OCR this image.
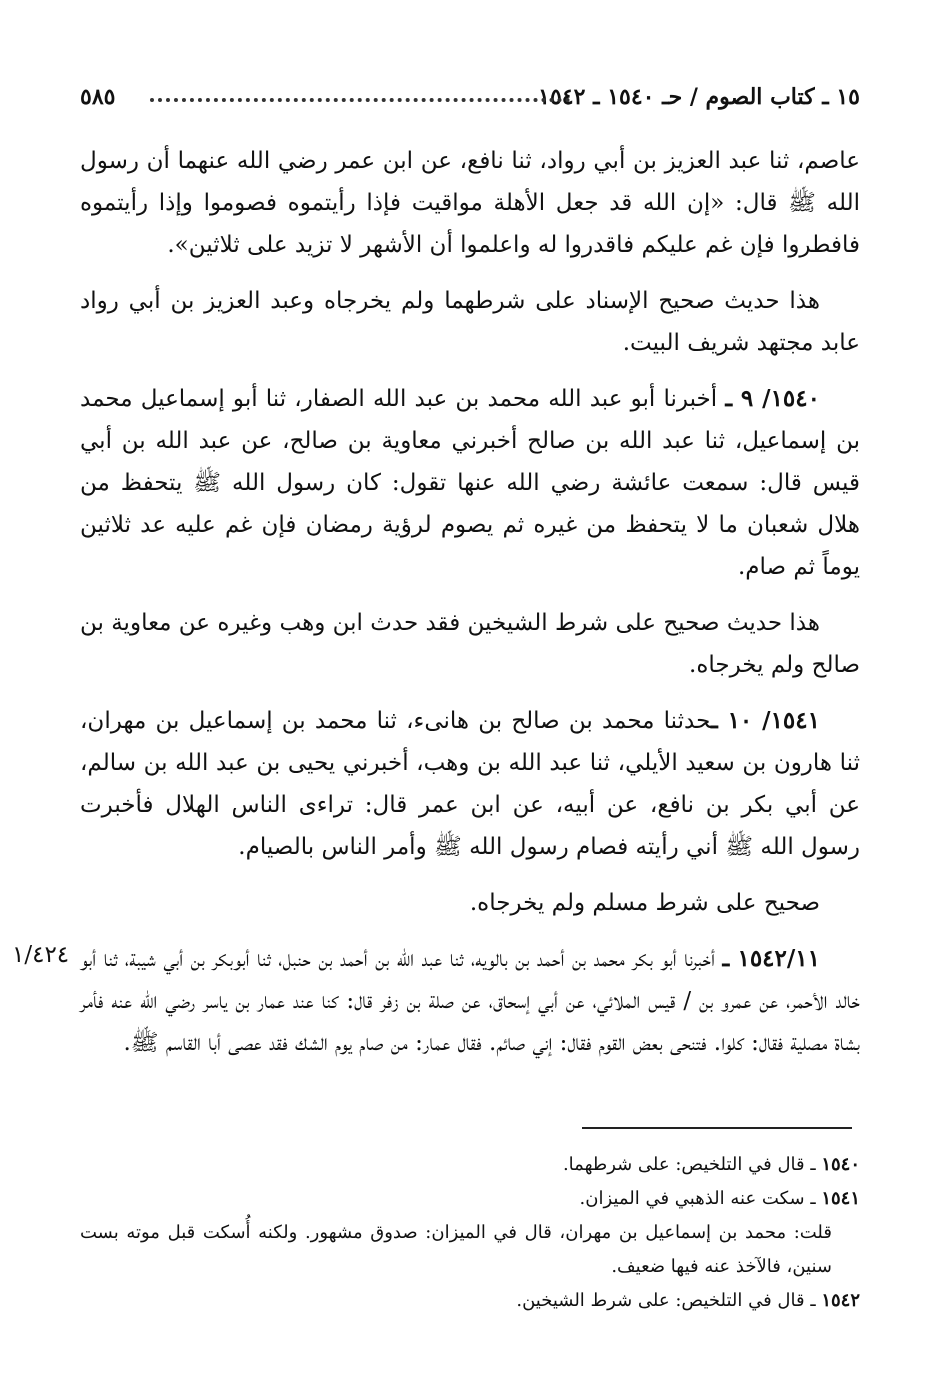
١٥ ـ كتاب الصوم / حـ ١٥٤٠ ـ ١٥٤٢
٥٨٥

عاصم، ثنا عبد العزيز بن أبي رواد، ثنا نافع، عن ابن عمر رضي الله عنهما أن رسول الله ﷺ قال: «إن الله قد جعل الأهلة مواقيت فإذا رأيتموه فصوموا وإذا رأيتموه فافطروا فإن غم عليكم فاقدروا له واعلموا أن الأشهر لا تزيد على ثلاثين».

هذا حديث صحيح الإسناد على شرطهما ولم يخرجاه وعبد العزيز بن أبي رواد عابد مجتهد شريف البيت.

١٥٤٠/ ٩ ـ أخبرنا أبو عبد الله محمد بن عبد الله الصفار، ثنا أبو إسماعيل محمد بن إسماعيل، ثنا عبد الله بن صالح أخبرني معاوية بن صالح، عن عبد الله بن أبي قيس قال: سمعت عائشة رضي الله عنها تقول: كان رسول الله ﷺ يتحفظ من هلال شعبان ما لا يتحفظ من غيره ثم يصوم لرؤية رمضان فإن غم عليه عد ثلاثين يوماً ثم صام.

هذا حديث صحيح على شرط الشيخين فقد حدث ابن وهب وغيره عن معاوية بن صالح ولم يخرجاه.

١٥٤١/ ١٠ ـحدثنا محمد بن صالح بن هانىء، ثنا محمد بن إسماعيل بن مهران، ثنا هارون بن سعيد الأيلي، ثنا عبد الله بن وهب، أخبرني يحيى بن عبد الله بن سالم، عن أبي بكر بن نافع، عن أبيه، عن ابن عمر قال: تراءى الناس الهلال فأخبرت رسول الله ﷺ أني رأيته فصام رسول الله ﷺ وأمر الناس بالصيام.

صحيح على شرط مسلم ولم يخرجاه.

١٥٤٢/١١ ـ أخبرنا أبو بكر محمد بن أحمد بن بالويه، ثنا عبد الله بن أحمد بن حنبل، ثنا أبوبكر بن أبي شيبة، ثنا أبو خالد الأحمر، عن عمرو بن / قيس الملائي، عن أبي إسحاق، عن صلة بن زفر قال: كنا عند عمار بن ياسر رضي الله عنه فأمر بشاة مصلية فقال: كلوا. فتنحى بعض القوم فقال: إني صائم. فقال عمار: من صام يوم الشك فقد عصى أبا القاسم ﷺ.

١/٤٢٤

١٥٤٠ ـ قال في التلخيص: على شرطهما.

١٥٤١ ـ سكت عنه الذهبي في الميزان.

قلت: محمد بن إسماعيل بن مهران، قال في الميزان: صدوق مشهور. ولكنه أُسكت قبل موته بست سنين، فالآخذ عنه فيها ضعيف.

١٥٤٢ ـ قال في التلخيص: على شرط الشيخين.
